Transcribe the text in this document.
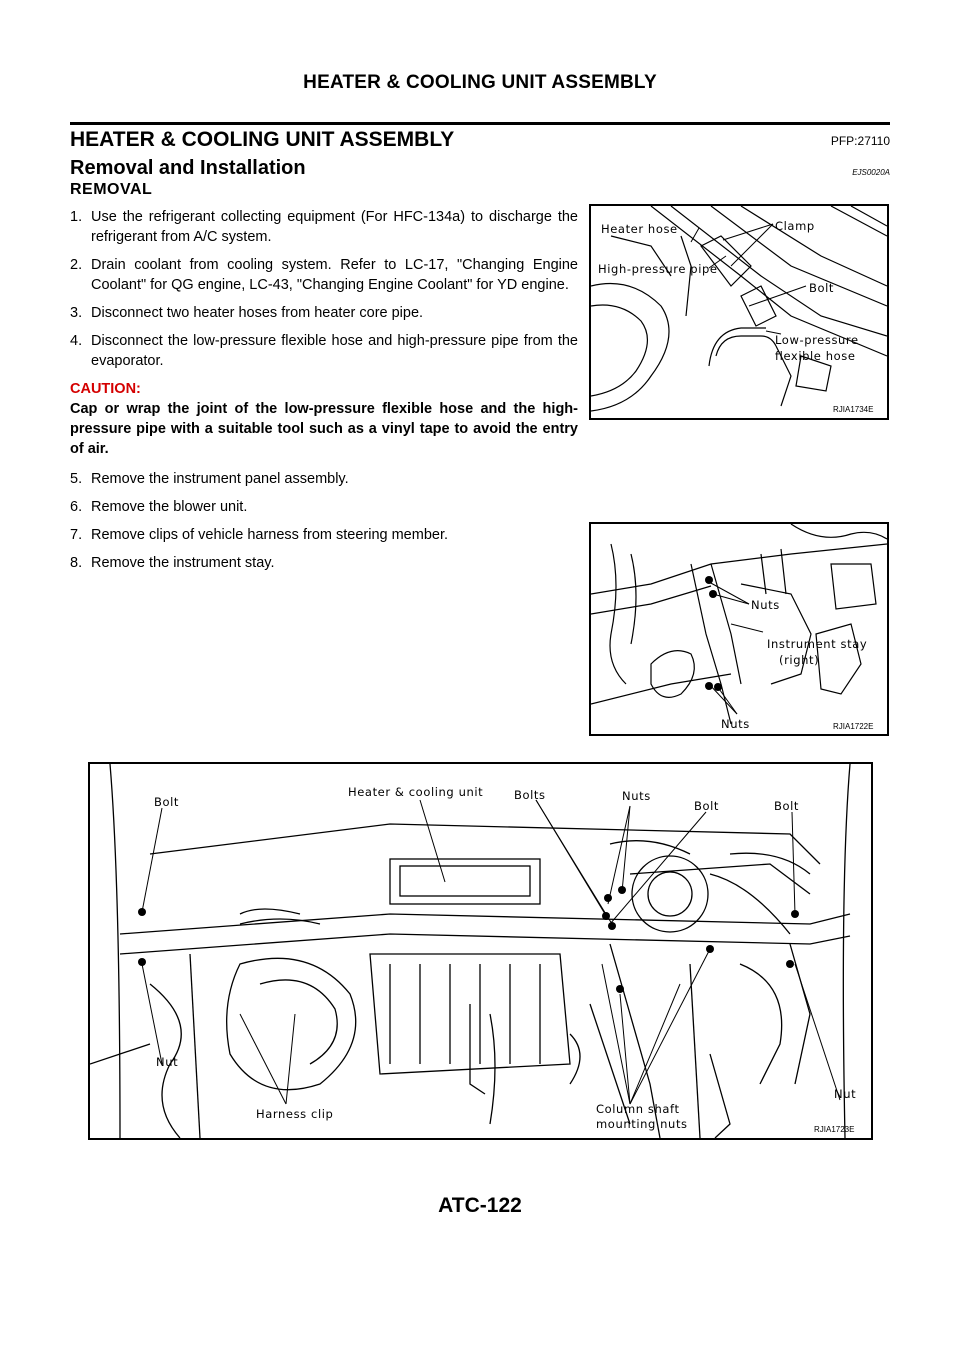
HEATER & COOLING UNIT ASSEMBLY
HEATER & COOLING UNIT ASSEMBLY	PFP:27110
Removal and Installation	EJS0020A
REMOVAL
1. Use the refrigerant collecting equipment (For HFC-134a) to discharge the refrigerant from A/C system.
2. Drain coolant from cooling system. Refer to LC-17, "Changing Engine Coolant" for QG engine, LC-43, "Changing Engine Coolant" for YD engine.
3. Disconnect two heater hoses from heater core pipe.
4. Disconnect the low-pressure flexible hose and high-pressure pipe from the evaporator.
CAUTION:
Cap or wrap the joint of the low-pressure flexible hose and the high-pressure pipe with a suitable tool such as a vinyl tape to avoid the entry of air.
5. Remove the instrument panel assembly.
6. Remove the blower unit.
7. Remove clips of vehicle harness from steering member.
8. Remove the instrument stay.
Heater hose	Clamp
High-pressure pipe
Bolt
Low-pressure
flexible hose
RJIA1734E
Nuts
Instrument stay
(right)
Nuts	RJIA1722E
Bolt
Heater & cooling unit	Bolts	Nuts
Bolt	Bolt
Nut
Harness clip	Column shaft
mounting nuts
Nut
RJIA1723E
ATC-122
